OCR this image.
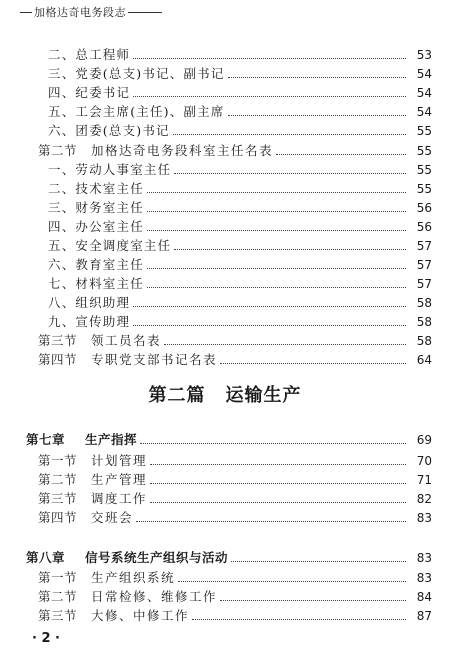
加格达奇电务段志
二、总工程师	53
三、党委(总支)书记、副书记	54
四、纪委书记	54
五、工会主席(主任)、副主席	54
六、团委(总支)书记	55
第二节 加格达奇电务段科室主任名表	55
一、劳动人事室主任	55
二、技术室主任	55
三、财务室主任	56
四、办公室主任	56
五、安全调度室主任	57
六、教育室主任	57
七、材料室主任	57
八、组织助理	58
九、宣传助理	58
第三节 领工员名表	58
第四节 专职党支部书记名表	64
第二篇 运输生产
第七章 生产指挥	69
第一节 计划管理	70
第二节 生产管理	71
第三节 调度工作	82
第四节 交班会	83
第八章 信号系统生产组织与活动	83
第一节 生产组织系统	83
第二节 日常检修、维修工作	84
第三节 大修、中修工作	87
· 2 ·
